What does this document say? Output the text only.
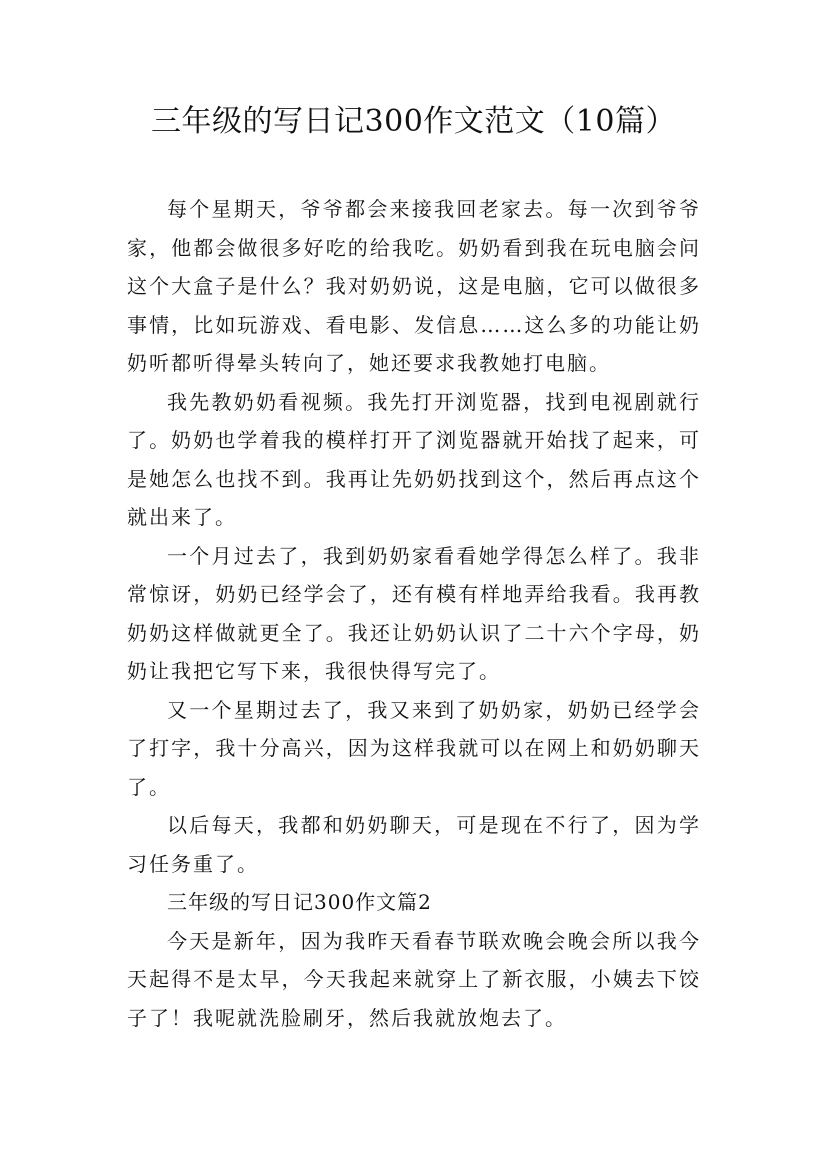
三年级的写日记300作文范文（10篇）

每个星期天，爷爷都会来接我回老家去。每一次到爷爷家，他都会做很多好吃的给我吃。奶奶看到我在玩电脑会问这个大盒子是什么？我对奶奶说，这是电脑，它可以做很多事情，比如玩游戏、看电影、发信息……这么多的功能让奶奶听都听得晕头转向了，她还要求我教她打电脑。

我先教奶奶看视频。我先打开浏览器，找到电视剧就行了。奶奶也学着我的模样打开了浏览器就开始找了起来，可是她怎么也找不到。我再让先奶奶找到这个，然后再点这个就出来了。

一个月过去了，我到奶奶家看看她学得怎么样了。我非常惊讶，奶奶已经学会了，还有模有样地弄给我看。我再教奶奶这样做就更全了。我还让奶奶认识了二十六个字母，奶奶让我把它写下来，我很快得写完了。

又一个星期过去了，我又来到了奶奶家，奶奶已经学会了打字，我十分高兴，因为这样我就可以在网上和奶奶聊天了。

以后每天，我都和奶奶聊天，可是现在不行了，因为学习任务重了。

三年级的写日记300作文篇2

今天是新年，因为我昨天看春节联欢晚会晚会所以我今天起得不是太早，今天我起来就穿上了新衣服，小姨去下饺子了！我呢就洗脸刷牙，然后我就放炮去了。
